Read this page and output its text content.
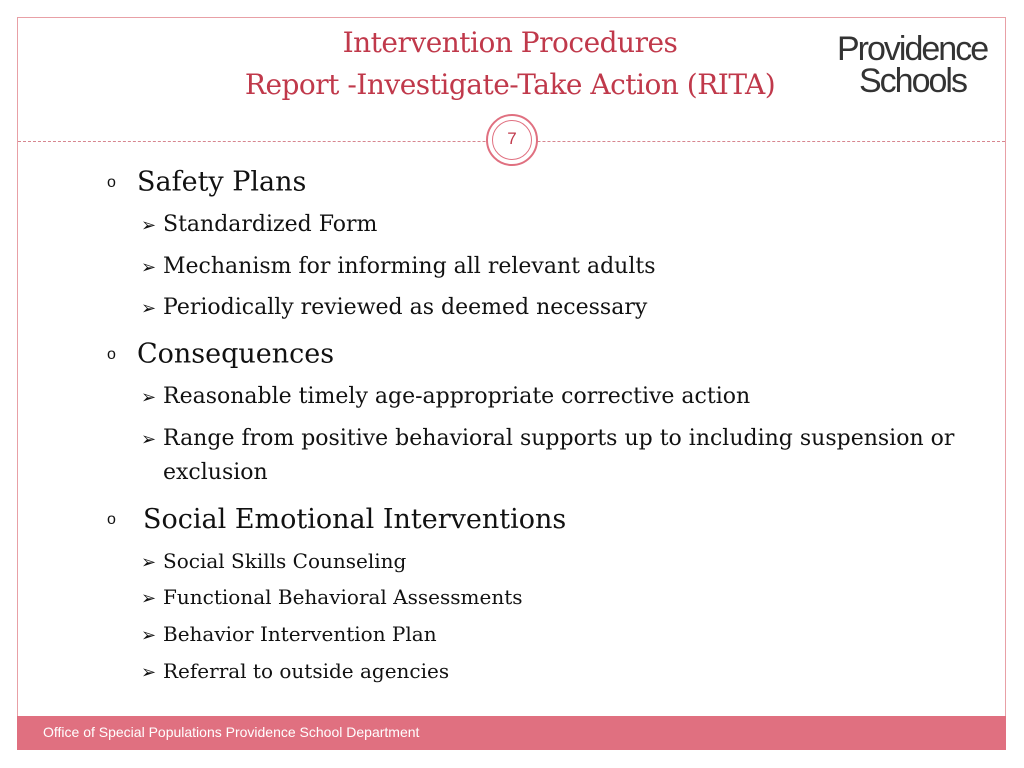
Intervention Procedures
Report -Investigate-Take Action (RITA)
Providence
Schools
7
o Safety Plans
➢ Standardized Form
➢ Mechanism for informing all relevant adults
➢ Periodically reviewed as deemed necessary
o Consequences
➢ Reasonable timely age-appropriate corrective action
➢ Range from positive behavioral supports up to including suspension or
exclusion
o Social Emotional Interventions
➢ Social Skills Counseling
➢ Functional Behavioral Assessments
➢ Behavior Intervention Plan
➢ Referral to outside agencies
Office of Special Populations Providence School Department
